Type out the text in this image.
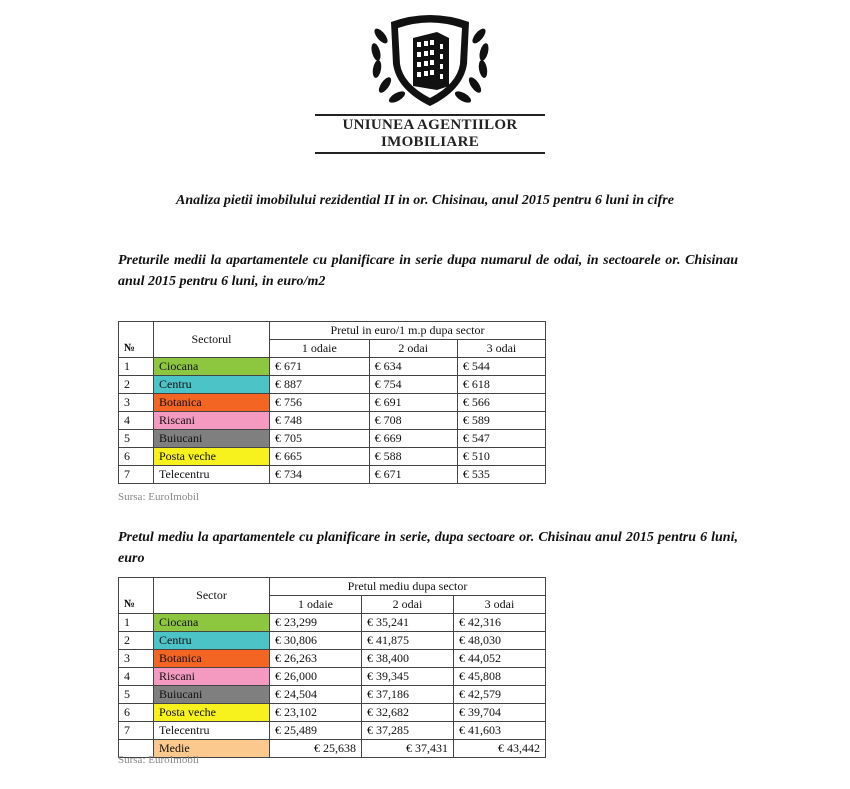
UNIUNEA AGENTIILOR IMOBILIARE
Analiza pietii imobilului rezidential II in or. Chisinau, anul 2015 pentru 6 luni in cifre
Preturile medii la apartamentele cu planificare in serie dupa numarul de odai, in sectoarele or. Chisinau anul 2015 pentru 6 luni, in euro/m2
№	Sectorul	Pretul in euro/1 m.p dupa sector		
		1 odaie	2 odai	3 odai
1	Ciocana	€ 671	€ 634	€ 544
2	Centru	€ 887	€ 754	€ 618
3	Botanica	€ 756	€ 691	€ 566
4	Riscani	€ 748	€ 708	€ 589
5	Buiucani	€ 705	€ 669	€ 547
6	Posta veche	€ 665	€ 588	€ 510
7	Telecentru	€ 734	€ 671	€ 535
Sursa: EuroImobil
Pretul mediu la apartamentele cu planificare in serie, dupa sectoare or. Chisinau anul 2015 pentru 6 luni, euro
№	Sector	Pretul mediu dupa sector		
		1 odaie	2 odai	3 odai
1	Ciocana	€ 23,299	€ 35,241	€ 42,316
2	Centru	€ 30,806	€ 41,875	€ 48,030
3	Botanica	€ 26,263	€ 38,400	€ 44,052
4	Riscani	€ 26,000	€ 39,345	€ 45,808
5	Buiucani	€ 24,504	€ 37,186	€ 42,579
6	Posta veche	€ 23,102	€ 32,682	€ 39,704
7	Telecentru	€ 25,489	€ 37,285	€ 41,603
	Medie	€ 25,638	€ 37,431	€ 43,442
Sursa: EuroImobil
